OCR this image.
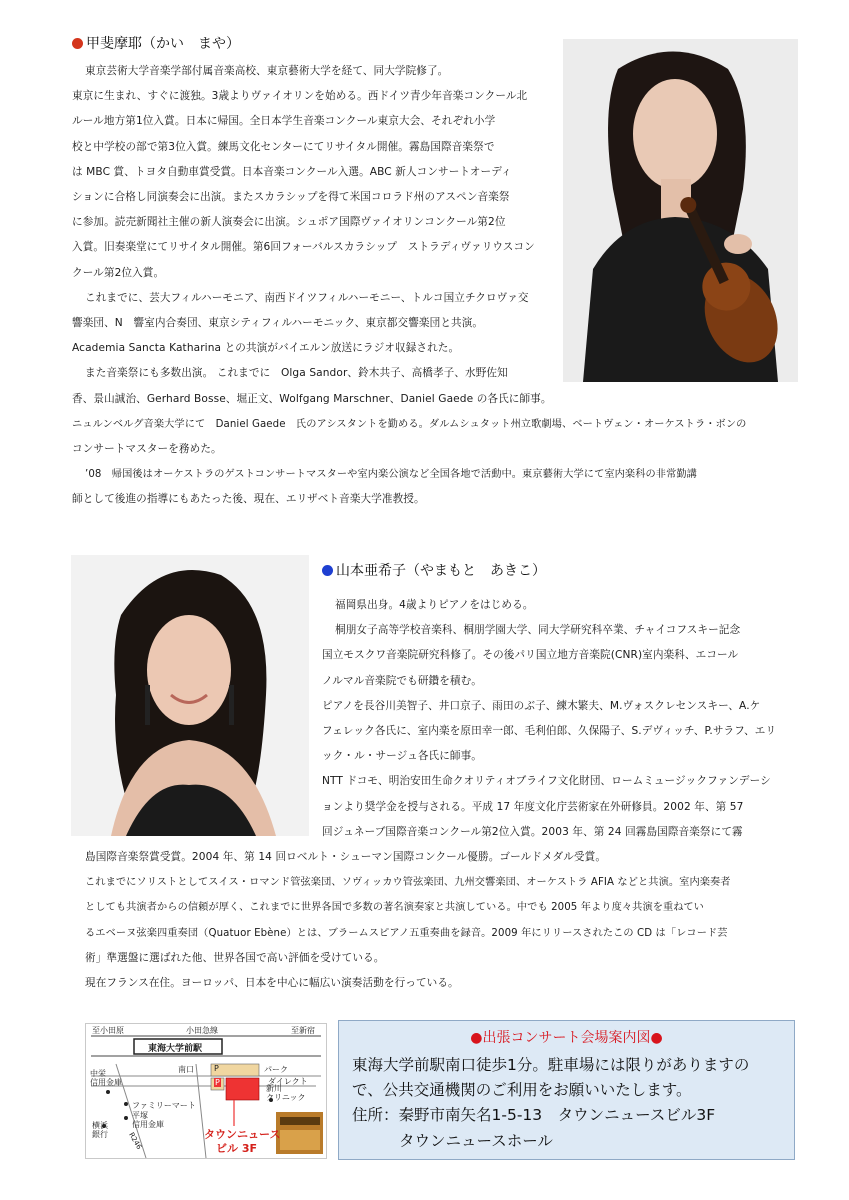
甲斐摩耶（かい　まや）

東京芸術大学音楽学部付属音楽高校、東京藝術大学を経て、同大学院修了。

東京に生まれ、すぐに渡独。3歳よりヴァイオリンを始める。西ドイツ青少年音楽コンクール北

ルール地方第1位入賞。日本に帰国。全日本学生音楽コンクール東京大会、それぞれ小学

校と中学校の部で第3位入賞。練馬文化センターにてリサイタル開催。霧島国際音楽祭で

は MBC 賞、トヨタ自動車賞受賞。日本音楽コンクール入選。ABC 新人コンサートオーディ

ションに合格し同演奏会に出演。またスカラシップを得て米国コロラド州のアスペン音楽祭

に参加。読売新聞社主催の新人演奏会に出演。シュポア国際ヴァイオリンコンクール第2位

入賞。旧奏楽堂にてリサイタル開催。第6回フォーバルスカラシップ　ストラディヴァリウスコン

クール第2位入賞。

これまでに、芸大フィルハーモニア、南西ドイツフィルハーモニー、トルコ国立チクロヴァ交

響楽団、N　響室内合奏団、東京シティフィルハーモニック、東京都交響楽団と共演。

Academia Sancta Katharina との共演がバイエルン放送にラジオ収録された。

また音楽祭にも多数出演。 これまでに　Olga Sandor、鈴木共子、高橋孝子、水野佐知

香、景山誠治、Gerhard Bosse、堀正文、Wolfgang Marschner、Daniel Gaede の各氏に師事。

ニュルンベルグ音楽大学にて　Daniel Gaede　氏のアシスタントを勤める。ダルムシュタット州立歌劇場、ベートヴェン・オーケストラ・ボンの

コンサートマスターを務めた。

’08　帰国後はオーケストラのゲストコンサートマスターや室内楽公演など全国各地で活動中。東京藝術大学にて室内楽科の非常勤講

師として後進の指導にもあたった後、現在、エリザベト音楽大学准教授。

山本亜希子（やまもと　あきこ）

福岡県出身。4歳よりピアノをはじめる。

桐朋女子高等学校音楽科、桐朋学園大学、同大学研究科卒業、チャイコフスキー記念

国立モスクワ音楽院研究科修了。その後パリ国立地方音楽院(CNR)室内楽科、エコール

ノルマル音楽院でも研鑽を積む。

ピアノを長谷川美智子、井口京子、雨田のぶ子、練木繁夫、M.ヴォスクレセンスキー、A.ケ

フェレック各氏に、室内楽を原田幸一郎、毛利伯郎、久保陽子、S.デヴィッチ、P.サラフ、エリ

ック・ル・サージュ各氏に師事。

NTT ドコモ、明治安田生命クオリティオブライフ文化財団、ロームミュージックファンデーシ

ョンより奨学金を授与される。平成 17 年度文化庁芸術家在外研修員。2002 年、第 57

回ジュネーブ国際音楽コンクール第2位入賞。2003 年、第 24 回霧島国際音楽祭にて霧

島国際音楽祭賞受賞。2004 年、第 14 回ロベルト・シューマン国際コンクール優勝。ゴールドメダル受賞。

これまでにソリストとしてスイス・ロマンド管弦楽団、ソヴィッカウ管弦楽団、九州交響楽団、オーケストラ AFIA などと共演。室内楽奏者

としても共演者からの信頼が厚く、これまでに世界各国で多数の著名演奏家と共演している。中でも 2005 年より度々共演を重ねてい

るエベーヌ弦楽四重奏団（Quatuor Ebène）とは、ブラームスピアノ五重奏曲を録音。2009 年にリリースされたこの CD は「レコード芸

術」準選盤に選ばれた他、世界各国で高い評価を受けている。

現在フランス在住。ヨーロッパ、日本を中心に幅広い演奏活動を行っている。

至小田原	小田急線	至新宿
東海大学前駅
南口	P	パーク
ダイレクト
P
中栄
信用金庫
ファミリーマート
平塚
信用金庫
横浜
銀行
新川
クリニック
R246	タウンニュース
ビル 3F
●出張コンサート会場案内図●
東海大学前駅南口徒歩1分。駐車場には限りがありますの
で、公共交通機関のご利用をお願いいたします。
住所：秦野市南矢名1-5-13　タウンニュースビル3F
タウンニュースホール
